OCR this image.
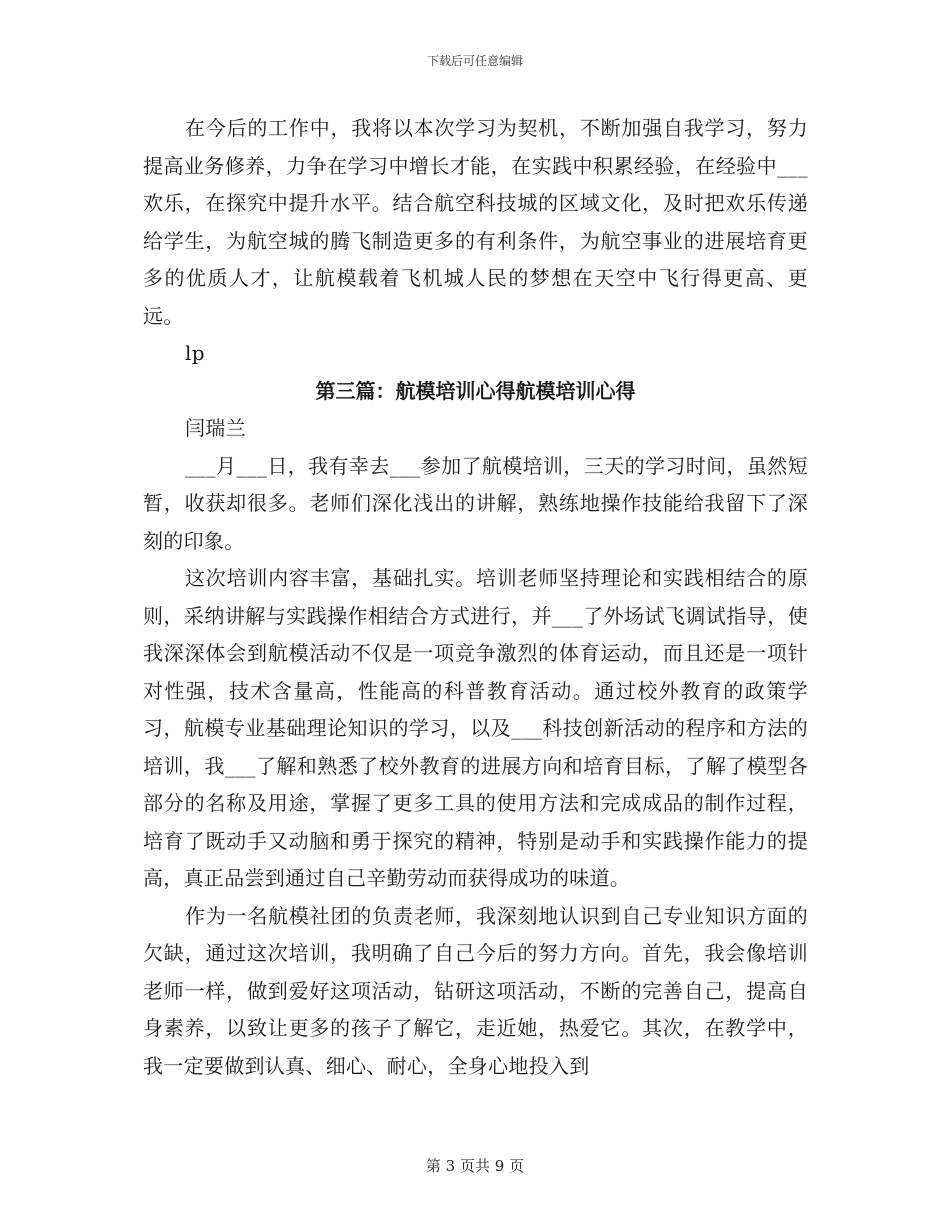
下载后可任意编辑

在今后的工作中，我将以本次学习为契机，不断加强自我学习，努力提高业务修养，力争在学习中增长才能，在实践中积累经验，在经验中___欢乐，在探究中提升水平。结合航空科技城的区域文化，及时把欢乐传递给学生，为航空城的腾飞制造更多的有利条件，为航空事业的进展培育更多的优质人才，让航模载着飞机城人民的梦想在天空中飞行得更高、更远。

lp

第三篇：航模培训心得航模培训心得

闫瑞兰

___月___日，我有幸去___参加了航模培训，三天的学习时间，虽然短暂，收获却很多。老师们深化浅出的讲解，熟练地操作技能给我留下了深刻的印象。

这次培训内容丰富，基础扎实。培训老师坚持理论和实践相结合的原则，采纳讲解与实践操作相结合方式进行，并___了外场试飞调试指导，使我深深体会到航模活动不仅是一项竞争激烈的体育运动，而且还是一项针对性强，技术含量高，性能高的科普教育活动。通过校外教育的政策学习，航模专业基础理论知识的学习，以及___科技创新活动的程序和方法的培训，我___了解和熟悉了校外教育的进展方向和培育目标，了解了模型各部分的名称及用途，掌握了更多工具的使用方法和完成成品的制作过程，培育了既动手又动脑和勇于探究的精神，特别是动手和实践操作能力的提高，真正品尝到通过自己辛勤劳动而获得成功的味道。

作为一名航模社团的负责老师，我深刻地认识到自己专业知识方面的欠缺，通过这次培训，我明确了自己今后的努力方向。首先，我会像培训老师一样，做到爱好这项活动，钻研这项活动，不断的完善自己，提高自身素养，以致让更多的孩子了解它，走近她，热爱它。其次，在教学中，我一定要做到认真、细心、耐心，全身心地投入到

第 3 页共 9 页
